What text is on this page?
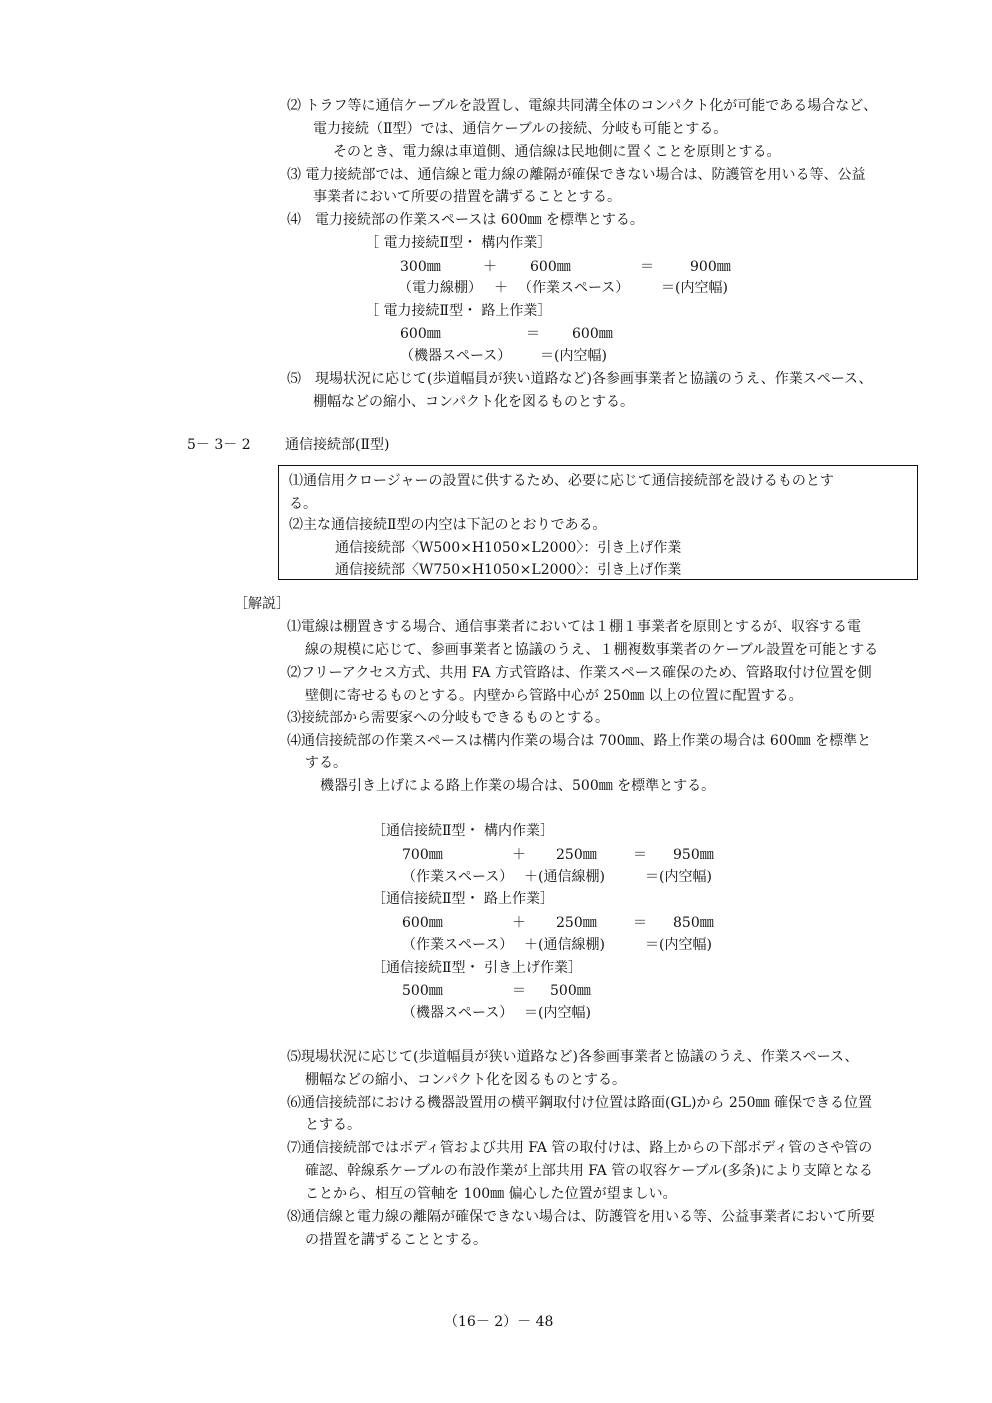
⑵ トラフ等に通信ケーブルを設置し、電線共同溝全体のコンパクト化が可能である場合など、
電力接続（Ⅱ型）では、通信ケーブルの接続、分岐も可能とする。
そのとき、電力線は車道側、通信線は民地側に置くことを原則とする。
⑶ 電力接続部では、通信線と電力線の離隔が確保できない場合は、防護管を用いる等、公益
事業者において所要の措置を講ずることとする。
⑷　電力接続部の作業スペースは 600㎜ を標準とする。
［ 電力接続Ⅱ型・ 構内作業］
300㎜	＋ 600㎜	＝	900㎜
（電力線棚） ＋ （作業スペース） ＝(内空幅)
［ 電力接続Ⅱ型・ 路上作業］
600㎜	＝ 600㎜
（機器スペース） ＝(内空幅)
⑸　現場状況に応じて(歩道幅員が狭い道路など)各参画事業者と協議のうえ、作業スペース、
棚幅などの縮小、コンパクト化を図るものとする。
5－ 3－ 2 通信接続部(Ⅱ型)
⑴通信用クロージャーの設置に供するため、必要に応じて通信接続部を設けるものとす
る。
⑵主な通信接続Ⅱ型の内空は下記のとおりである。
通信接続部〈W500×H1050×L2000〉：引き上げ作業
通信接続部〈W750×H1050×L2000〉：引き上げ作業
［解説］
⑴電線は棚置きする場合、通信事業者においては１棚１事業者を原則とするが、収容する電
線の規模に応じて、参画事業者と協議のうえ、１棚複数事業者のケーブル設置を可能とする
⑵フリーアクセス方式、共用 FA 方式管路は、作業スペース確保のため、管路取付け位置を側
壁側に寄せるものとする。内壁から管路中心が 250㎜ 以上の位置に配置する。
⑶接続部から需要家への分岐もできるものとする。
⑷通信接続部の作業スペースは構内作業の場合は 700㎜、路上作業の場合は 600㎜ を標準と
する。
機器引き上げによる路上作業の場合は、500㎜ を標準とする。
［通信接続Ⅱ型・ 構内作業］
700㎜	＋ 250㎜	＝ 950㎜
（作業スペース） ＋(通信線棚)	＝(内空幅)
［通信接続Ⅱ型・ 路上作業］
600㎜	＋ 250㎜	＝ 850㎜
（作業スペース） ＋(通信線棚)	＝(内空幅)
［通信接続Ⅱ型・ 引き上げ作業］
500㎜	＝ 500㎜
（機器スペース） ＝(内空幅)
⑸現場状況に応じて(歩道幅員が狭い道路など)各参画事業者と協議のうえ、作業スペース、
棚幅などの縮小、コンパクト化を図るものとする。
⑹通信接続部における機器設置用の横平鋼取付け位置は路面(GL)から 250㎜ 確保できる位置
とする。
⑺通信接続部ではボディ管および共用 FA 管の取付けは、路上からの下部ボディ管のさや管の
確認、幹線系ケーブルの布設作業が上部共用 FA 管の収容ケーブル(多条)により支障となる
ことから、相互の管軸を 100㎜ 偏心した位置が望ましい。
⑻通信線と電力線の離隔が確保できない場合は、防護管を用いる等、公益事業者において所要
の措置を講ずることとする。
（16－ 2）－ 48
